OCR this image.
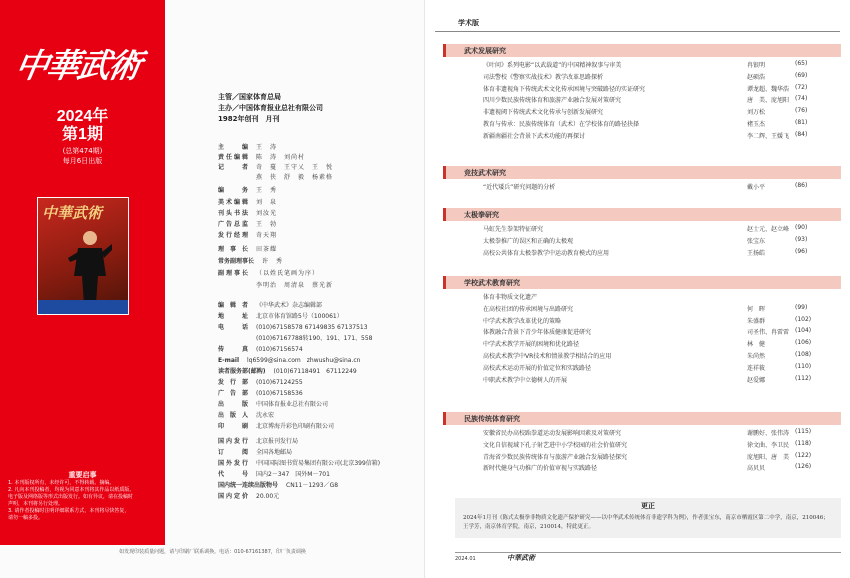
中華武術
2024年
第1期
(总第474期)
每月6日出版
中華武術
重要启事
1. 本刊版权所有，未经许可，不得转载、摘编。
2. 凡向本刊投稿者，均视为同意本刊将其作品以纸质版、
电子版及网络版等形式出版发行。如有异议，请在投稿时
声明，本刊将另行处理。
3. 请作者投稿时注明详细联系方式，本刊将尽快答复，
请勿一稿多投。
主管／国家体育总局
主办／中国体育报业总社有限公司
1982年创刊　月刊
主编 王　涛
责任编辑 陈　涛　刘尚村
记者 奇　蔓　王守乂　王　悦
燕　侠　舒　毅　杨素格
编务 王　秀
美术编辑 刘　泉
刊头书法 刘汝光
广告总监 王　勃
发行经理 奇天翔
理事长 田茶耀
常务副理事长 许　秀
副理事长 （以姓氏笔画为序）
李明治　周清泉　蔡光新
编辑者 《中华武术》杂志编辑部
地址 北京市体育馆路5号（100061）
电话 (010)67158578 67149835 67137513
(010)67167788转190、191、171、558
传真 (010)67156574
E-mail lq6599@sina.com　zhwushu@sina.cn
读者服务部(邮购) (010)67118491　67112249
发行部 (010)67124255
广告部 (010)67158536
出版 中国体育报业总社有限公司
出版人 沈永宏
印刷 北京博海升彩色印刷有限公司
国内发行 北京报刊发行局
订阅 全国各地邮局
国外发行 中国国际图书贸易集团有限公司(北京399信箱)
代号 国内2－347　国外M－701
国内统一连续出版物号 CN11－1293／G8
国内定价 20.00元
如发现印装质量问题，请与印刷厂联系调换。电话：010-67161387，印厂负责调换
学术版
武术发展研究
《叶问》系列电影“以武载道”的中国精神叙事与审美	冉银明	(65)
司法警校《警察实战技术》教学改革思路探析	赵硕浩	(69)
体育非遗视角下传统武术文化传承困境与突破路径的实证研究	谭龙超、魏华浩 (72)
四川少数民族传统体育和旅游产业融合发展对策研究	唐　美、庞旭阳 (74)
非遗视阈下传统武术文化传承与创新发展研究	刘万松	(76)
教育与传承：民族传统体育（武术）在学校体育的路径抉择	褚玉杰	(81)
新疆南疆社会背景下武术功能的再探讨	李二辉、王媛飞 (84)
竞技武术研究
“近代矮兵”研究问题的分析	戴小平	(86)
太极拳研究
马虹先生拳架特征研究	赵士元、赵立峰 (90)
太极拳推广的误区和正确的太极观	张宝东	(93)
高校公共体育太极拳教学中运动教育模式的应用	王扬皓	(96)
学校武术教育研究
体育非物质文化遗产
在高校社团的传承困境与出路研究	何　晖	(99)
中学武术教学改革优化的策略	朱盛群	(102)
体教融合背景下青少年体质健康促进研究	司圣伟、冉雷雷 (104)
中学武术教学开展的困境和优化路径	林　健	(106)
高校武术教学中VR技术和情景教学相结合的应用	朱尚然	(108)
高校武术运动开展的价值定位和实践路径	连祥筱	(110)
中职武术教学中立德树人的开展	赵爱娜	(112)
民族传统体育研究
安徽省民办高校跆拳道运动发展影响因素及对策研究	谢鹏好、张伟涛 (115)
文化自信视域下孔子射艺进中小学校园的社会价值研究	徐文曲、李卫民 (118)
青海省少数民族传统体育与旅游产业融合发展路径探究	庞旭阳、唐　美 (122)
新时代健身气功推广的价值审视与实践路径	高贝贝	(126)
更正
2024年1月刊《陈式太极拳非物质文化遗产保护研究——以中华武术传统体育非遗学科为例》，作者张宝东，南京市栖霞区第二中学，南京，210046；王学芳，南京体育学院，南京，210014，特此更正。
2024.01	中華武術
